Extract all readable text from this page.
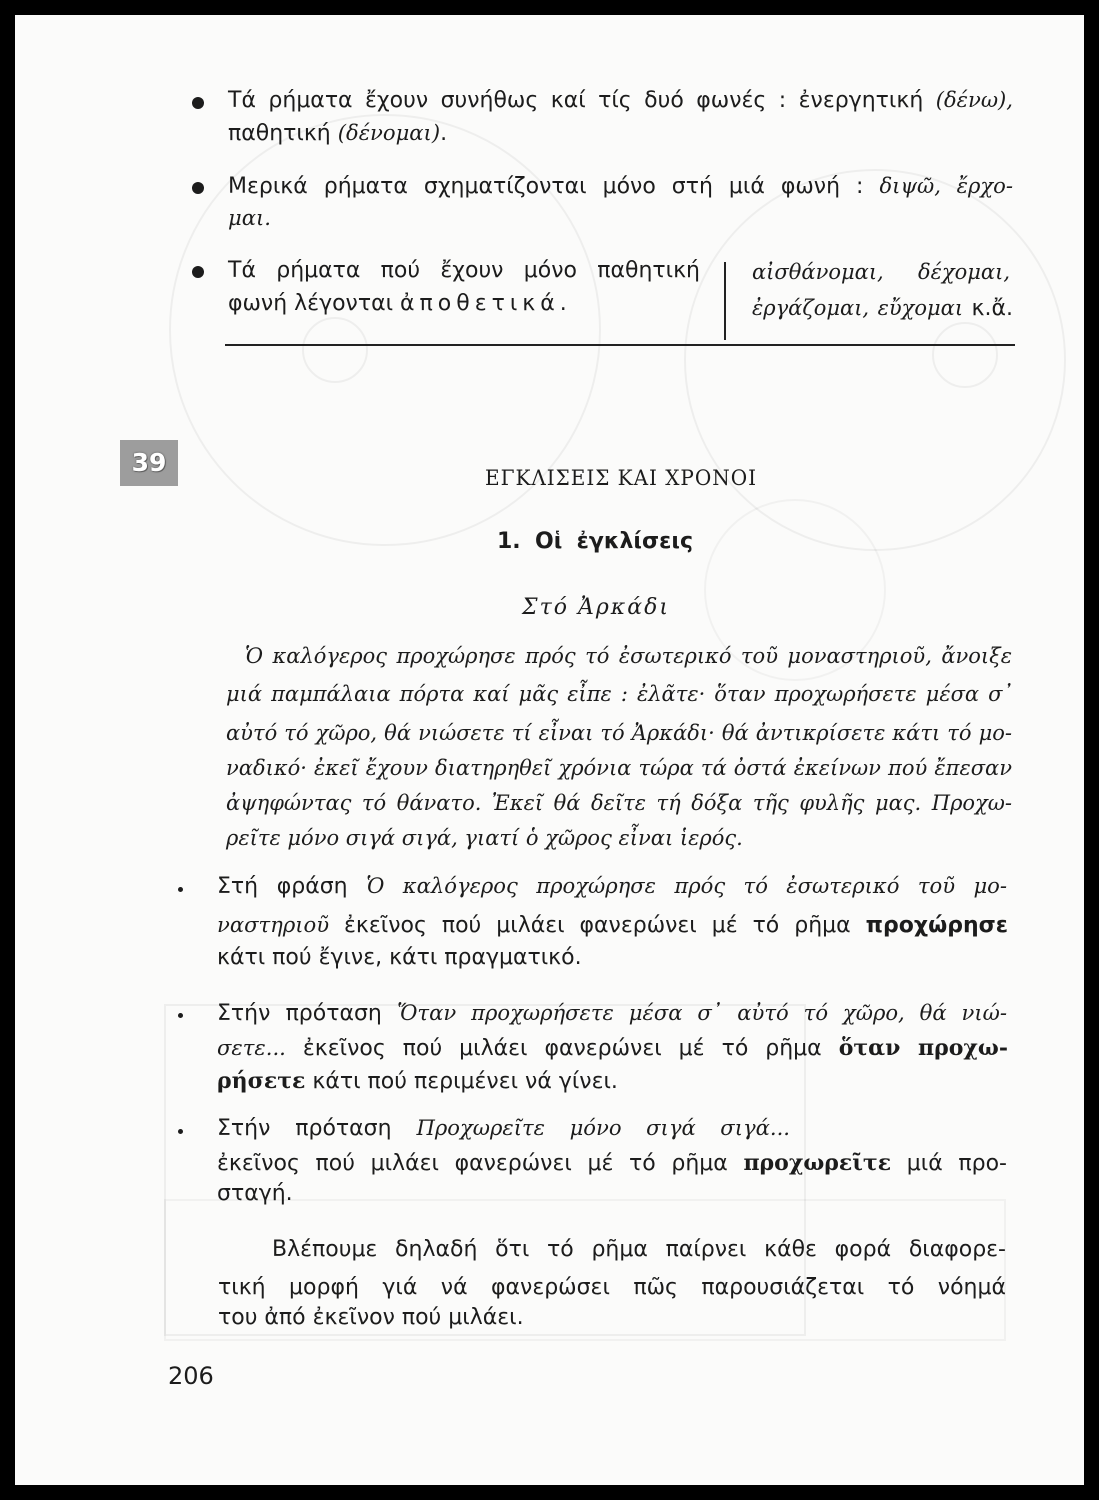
Τά ρήματα ἔχουν συνήθως καί τίς δυό φωνές : ἐνεργητική (δένω),
παθητική (δένομαι).
Μερικά ρήματα σχηματίζονται μόνο στή μιά φωνή : διψῶ, ἔρχο-
μαι.
Τά ρήματα πού ἔχουν μόνο παθητική
φωνή λέγονται ἀποθετικά.
αἰσθάνομαι, δέχομαι,
ἐργάζομαι, εὔχομαι κ.ἄ.
39
ΕΓΚΛΙΣΕΙΣ ΚΑΙ ΧΡΟΝΟΙ
1. Οἱ ἐγκλίσεις
Στό Ἀρκάδι
Ὁ καλόγερος προχώρησε πρός τό ἐσωτερικό τοῦ μοναστηριοῦ, ἄνοιξε
μιά παμπάλαια πόρτα καί μᾶς εἶπε : ἐλᾶτε· ὅταν προχωρήσετε μέσα σ᾿
αὐτό τό χῶρο, θά νιώσετε τί εἶναι τό Ἀρκάδι· θά ἀντικρίσετε κάτι τό μο-
ναδικό· ἐκεῖ ἔχουν διατηρηθεῖ χρόνια τώρα τά ὀστά ἐκείνων πού ἔπεσαν
ἀψηφώντας τό θάνατο. Ἐκεῖ θά δεῖτε τή δόξα τῆς φυλῆς μας. Προχω-
ρεῖτε μόνο σιγά σιγά, γιατί ὁ χῶρος εἶναι ἱερός.
Στή φράση Ὁ καλόγερος προχώρησε πρός τό ἐσωτερικό τοῦ μο-
ναστηριοῦ ἐκεῖνος πού μιλάει φανερώνει μέ τό ρῆμα προχώρησε
κάτι πού ἔγινε, κάτι πραγματικό.
Στήν πρόταση Ὅταν προχωρήσετε μέσα σ᾿ αὐτό τό χῶρο, θά νιώ-
σετε... ἐκεῖνος πού μιλάει φανερώνει μέ τό ρῆμα ὅταν προχω-
ρήσετε κάτι πού περιμένει νά γίνει.
Στήν πρόταση Προχωρεῖτε μόνο σιγά σιγά...
ἐκεῖνος πού μιλάει φανερώνει μέ τό ρῆμα προχωρεῖτε μιά προ-
σταγή.
Βλέπουμε δηλαδή ὅτι τό ρῆμα παίρνει κάθε φορά διαφορε-
τική μορφή γιά νά φανερώσει πῶς παρουσιάζεται τό νόημά
του ἀπό ἐκεῖνον πού μιλάει.
206
